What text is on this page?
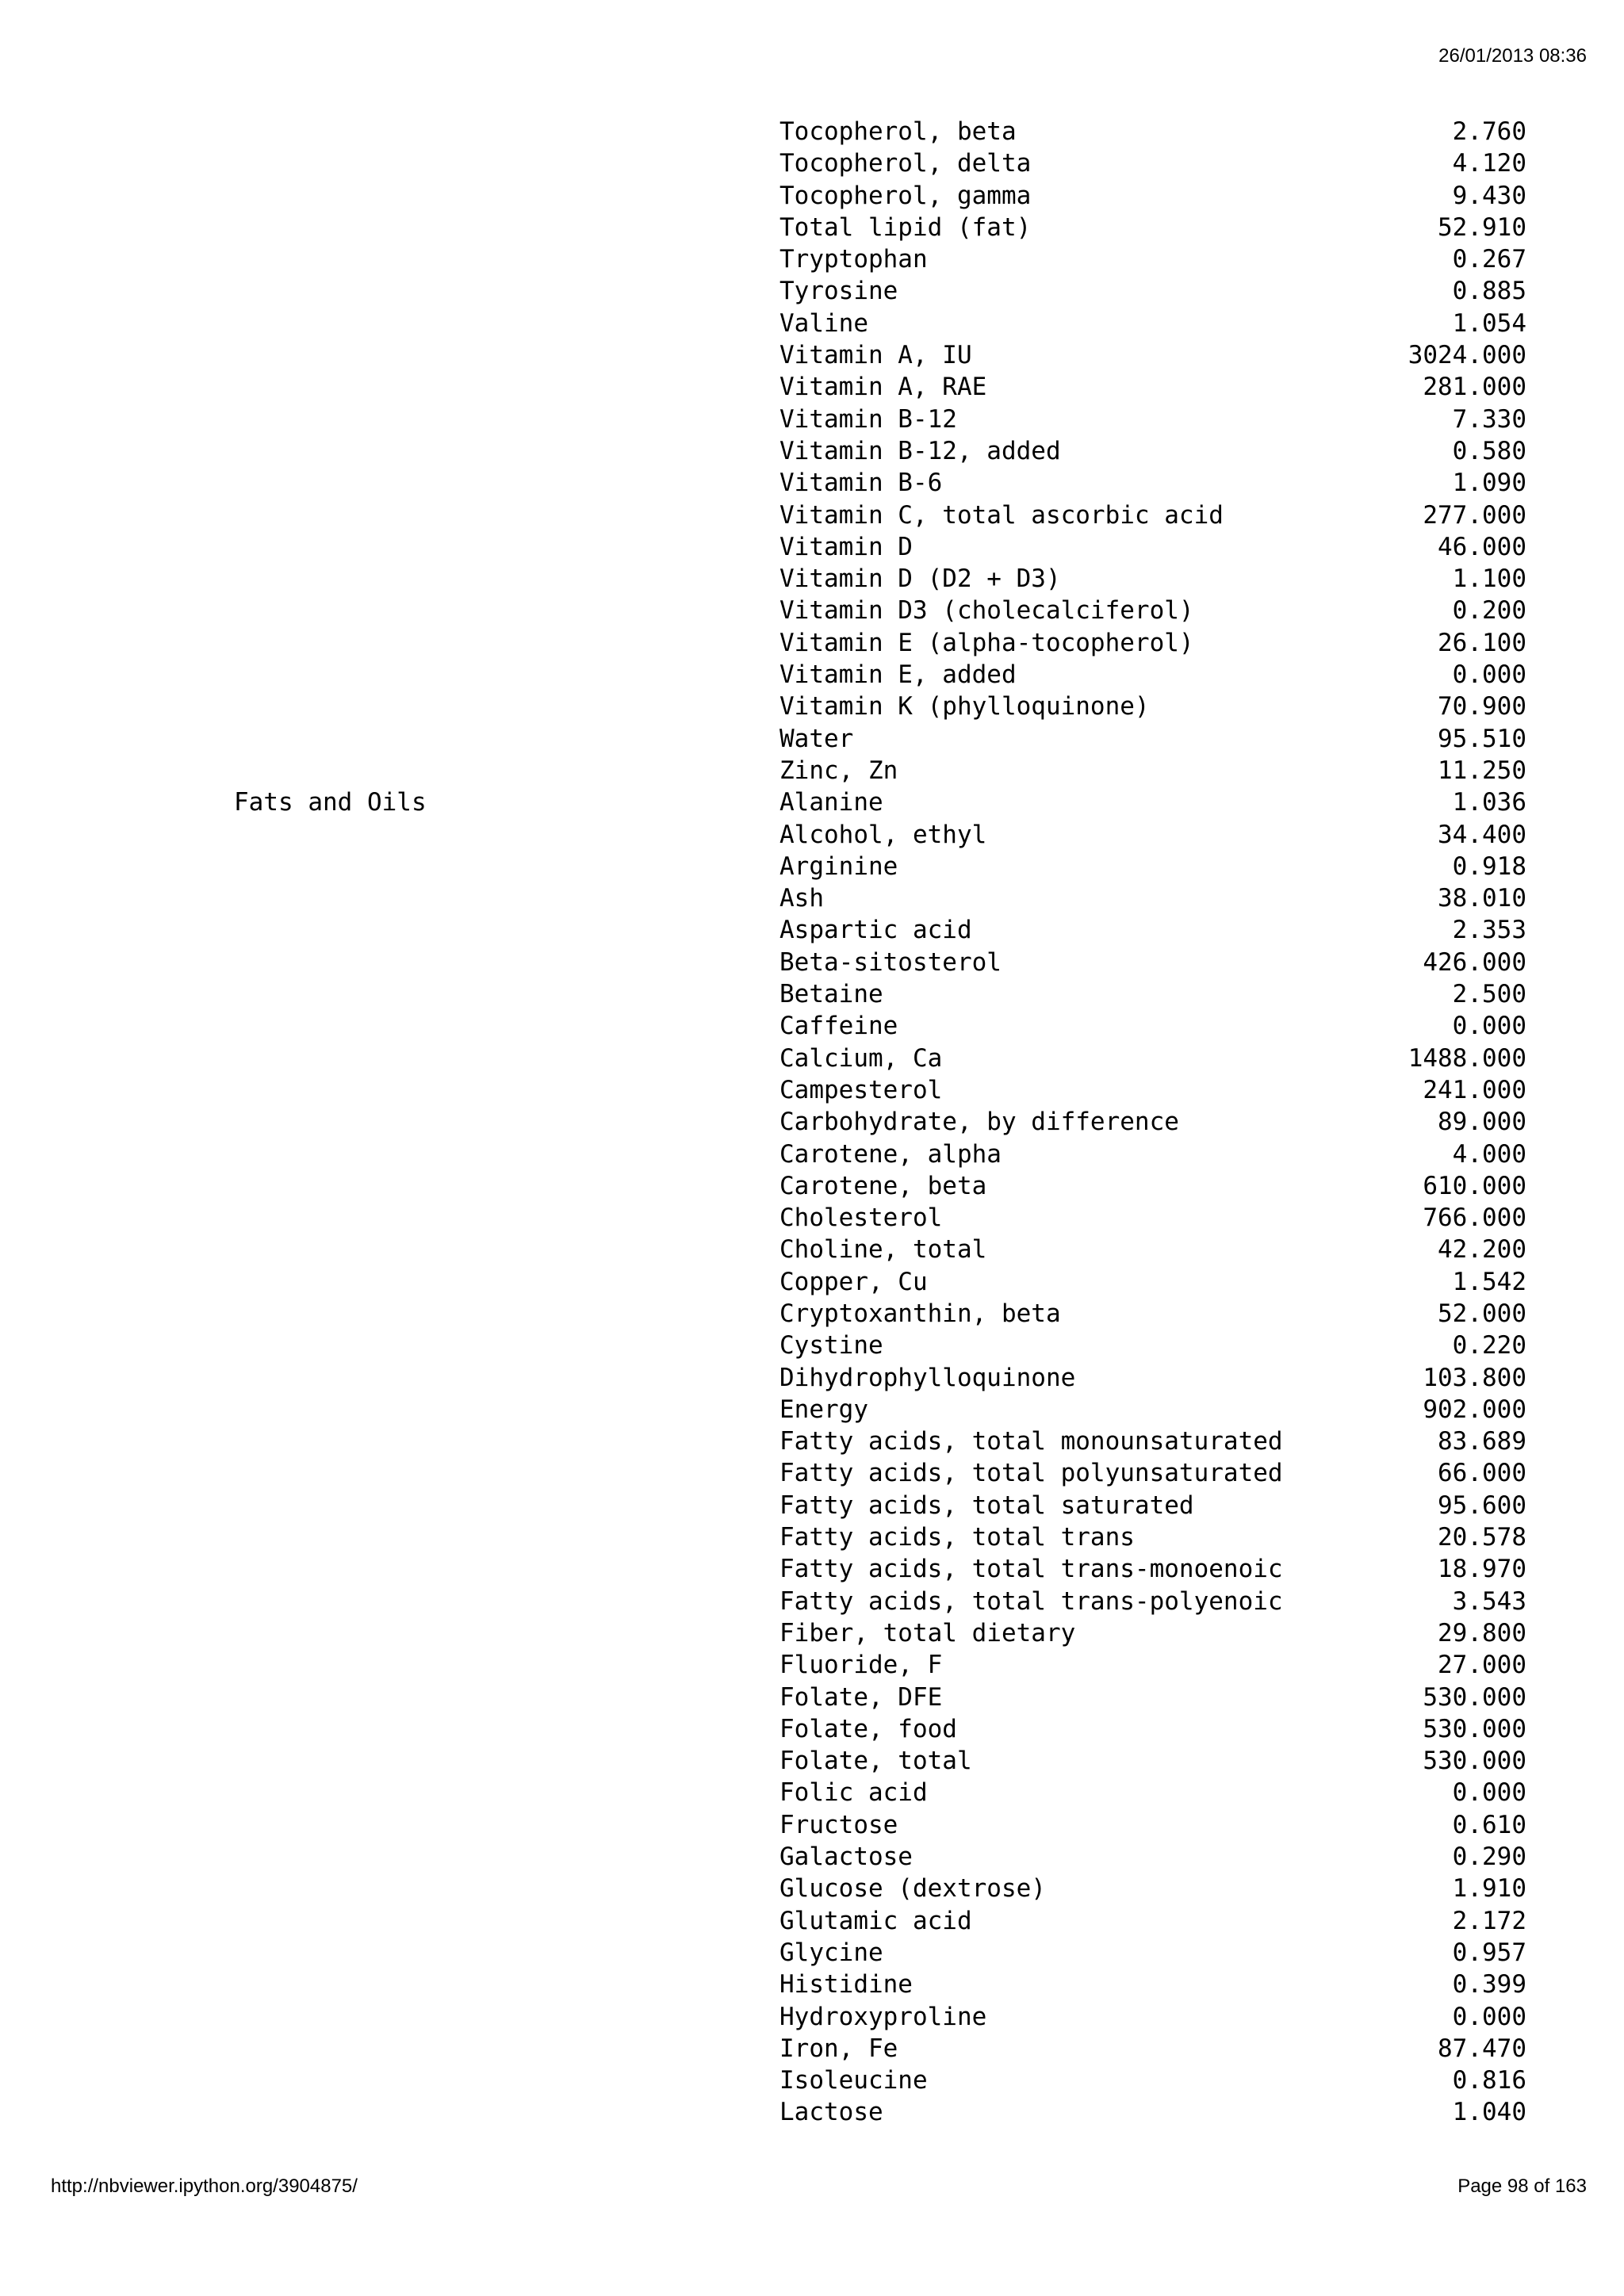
26/01/2013 08:36
Tocopherol, beta	2.760
Tocopherol, delta	4.120
Tocopherol, gamma	9.430
Total lipid (fat)	52.910
Tryptophan	0.267
Tyrosine	0.885
Valine	1.054
Vitamin A, IU	3024.000
Vitamin A, RAE	281.000
Vitamin B-12	7.330
Vitamin B-12, added	0.580
Vitamin B-6	1.090
Vitamin C, total ascorbic acid	277.000
Vitamin D	46.000
Vitamin D (D2 + D3)	1.100
Vitamin D3 (cholecalciferol)	0.200
Vitamin E (alpha-tocopherol)	26.100
Vitamin E, added	0.000
Vitamin K (phylloquinone)	70.900
Water	95.510
Zinc, Zn	11.250
Fats and Oils	Alanine	1.036
Alcohol, ethyl	34.400
Arginine	0.918
Ash	38.010
Aspartic acid	2.353
Beta-sitosterol	426.000
Betaine	2.500
Caffeine	0.000
Calcium, Ca	1488.000
Campesterol	241.000
Carbohydrate, by difference	89.000
Carotene, alpha	4.000
Carotene, beta	610.000
Cholesterol	766.000
Choline, total	42.200
Copper, Cu	1.542
Cryptoxanthin, beta	52.000
Cystine	0.220
Dihydrophylloquinone	103.800
Energy	902.000
Fatty acids, total monounsaturated	83.689
Fatty acids, total polyunsaturated	66.000
Fatty acids, total saturated	95.600
Fatty acids, total trans	20.578
Fatty acids, total trans-monoenoic	18.970
Fatty acids, total trans-polyenoic	3.543
Fiber, total dietary	29.800
Fluoride, F	27.000
Folate, DFE	530.000
Folate, food	530.000
Folate, total	530.000
Folic acid	0.000
Fructose	0.610
Galactose	0.290
Glucose (dextrose)	1.910
Glutamic acid	2.172
Glycine	0.957
Histidine	0.399
Hydroxyproline	0.000
Iron, Fe	87.470
Isoleucine	0.816
Lactose	1.040
http://nbviewer.ipython.org/3904875/	Page 98 of 163
